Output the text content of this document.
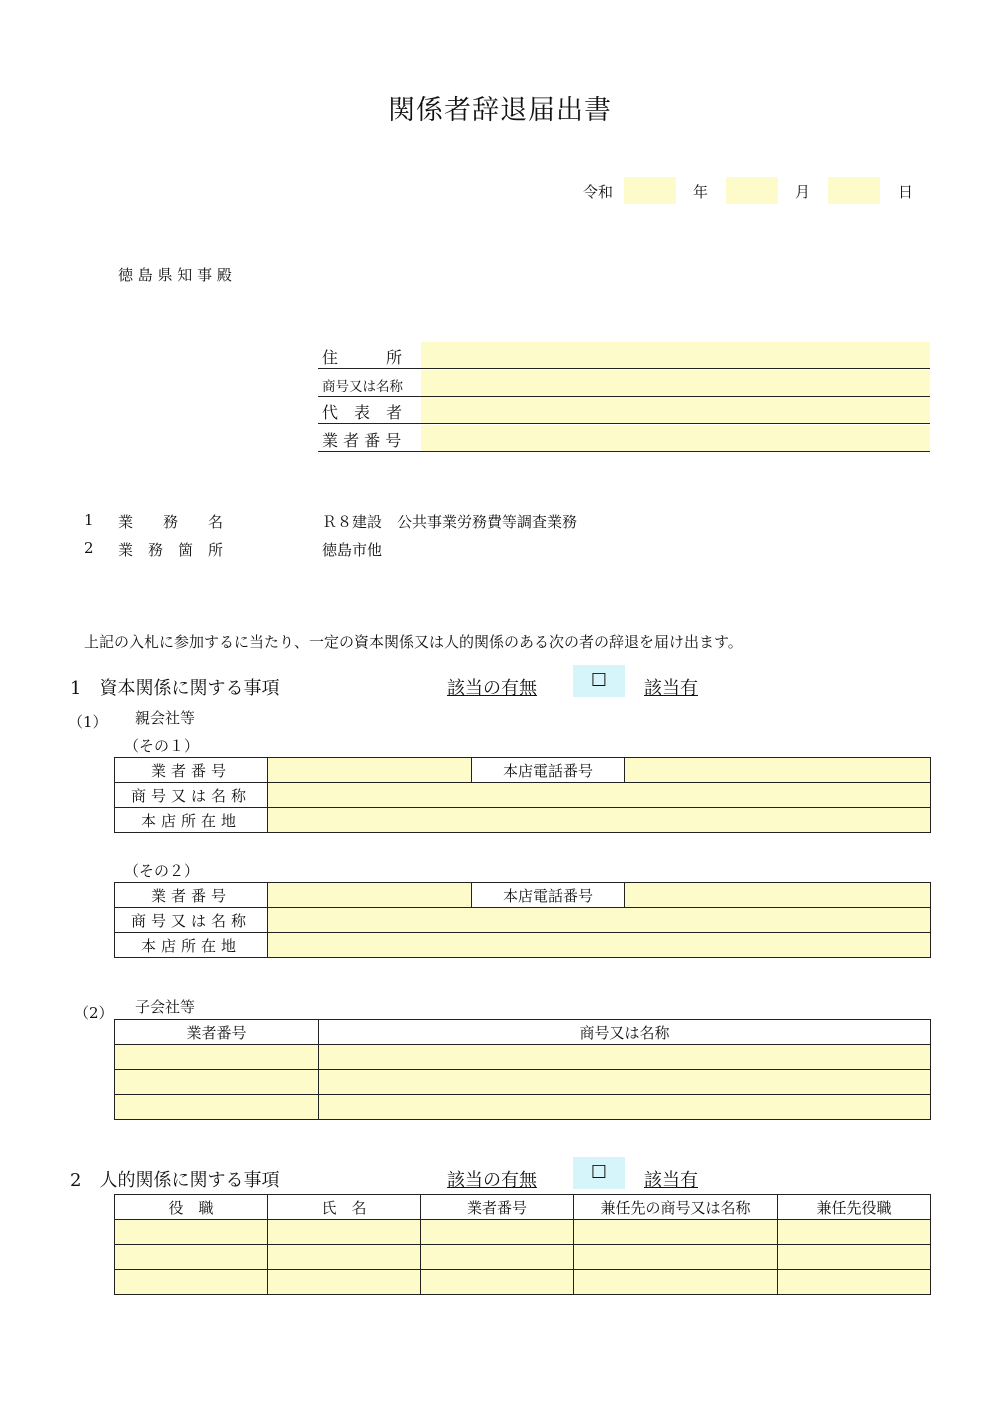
関係者辞退届出書
令和	年	月	日
徳 島 県 知 事 殿
住　　　所
商号又は名称
代　表　者
業 者 番 号
1 業　　務　　名	Ｒ８建設　公共事業労務費等調査業務
2 業　務　箇　所	徳島市他
上記の入札に参加するに当たり、一定の資本関係又は人的関係のある次の者の辞退を届け出ます。
1　資本関係に関する事項	該当の有無	☐	該当有
（1） 親会社等
（その１）
業者番号		本店電話番号	
商号又は名称			
本店所在地			
（その２）
業者番号		本店電話番号	
商号又は名称			
本店所在地			
（2） 子会社等
業者番号	商号又は名称

2　人的関係に関する事項	該当の有無	☐	該当有
役　職	氏　名	業者番号	兼任先の商号又は名称	兼任先役職
